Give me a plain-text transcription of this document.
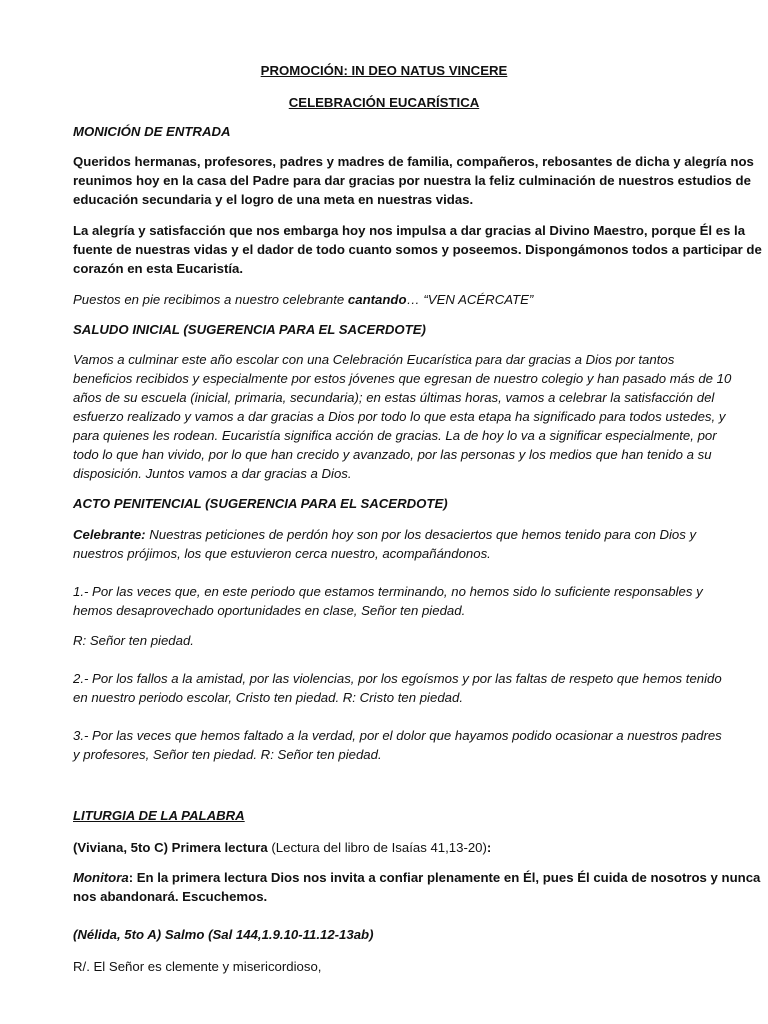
PROMOCIÓN: IN DEO NATUS VINCERE
CELEBRACIÓN EUCARÍSTICA
MONICIÓN DE ENTRADA
Queridos hermanas, profesores, padres y madres de familia, compañeros, rebosantes de dicha y alegría nos
reunimos hoy en la casa del Padre para dar gracias por nuestra la feliz culminación de nuestros estudios de
educación secundaria y el logro de una meta en nuestras vidas.
La alegría y satisfacción que nos embarga hoy nos impulsa a dar gracias al Divino Maestro, porque Él es la
fuente de nuestras vidas y el dador de todo cuanto somos y poseemos. Dispongámonos todos a participar de
corazón en esta Eucaristía.
Puestos en pie recibimos a nuestro celebrante cantando… “VEN ACÉRCATE”
SALUDO INICIAL (SUGERENCIA PARA EL SACERDOTE)
Vamos a culminar este año escolar con una Celebración Eucarística para dar gracias a Dios por tantos
beneficios recibidos y especialmente por estos jóvenes que egresan de nuestro colegio y han pasado más de 10
años de su escuela (inicial, primaria, secundaria); en estas últimas horas, vamos a celebrar la satisfacción del
esfuerzo realizado y vamos a dar gracias a Dios por todo lo que esta etapa ha significado para todos ustedes, y
para quienes les rodean. Eucaristía significa acción de gracias. La de hoy lo va a significar especialmente, por
todo lo que han vivido, por lo que han crecido y avanzado, por las personas y los medios que han tenido a su
disposición. Juntos vamos a dar gracias a Dios.
ACTO PENITENCIAL (SUGERENCIA PARA EL SACERDOTE)
Celebrante: Nuestras peticiones de perdón hoy son por los desaciertos que hemos tenido para con Dios y
nuestros prójimos, los que estuvieron cerca nuestro, acompañándonos.
1.- Por las veces que, en este periodo que estamos terminando, no hemos sido lo suficiente responsables y
hemos desaprovechado oportunidades en clase, Señor ten piedad.
R: Señor ten piedad.
2.- Por los fallos a la amistad, por las violencias, por los egoísmos y por las faltas de respeto que hemos tenido
en nuestro periodo escolar, Cristo ten piedad. R: Cristo ten piedad.
3.- Por las veces que hemos faltado a la verdad, por el dolor que hayamos podido ocasionar a nuestros padres
y profesores, Señor ten piedad. R: Señor ten piedad.
LITURGIA DE LA PALABRA
(Viviana, 5to C) Primera lectura (Lectura del libro de Isaías 41,13-20):
Monitora: En la primera lectura Dios nos invita a confiar plenamente en Él, pues Él cuida de nosotros y nunca
nos abandonará. Escuchemos.
(Nélida, 5to A) Salmo (Sal 144,1.9.10-11.12-13ab)
R/. El Señor es clemente y misericordioso,
